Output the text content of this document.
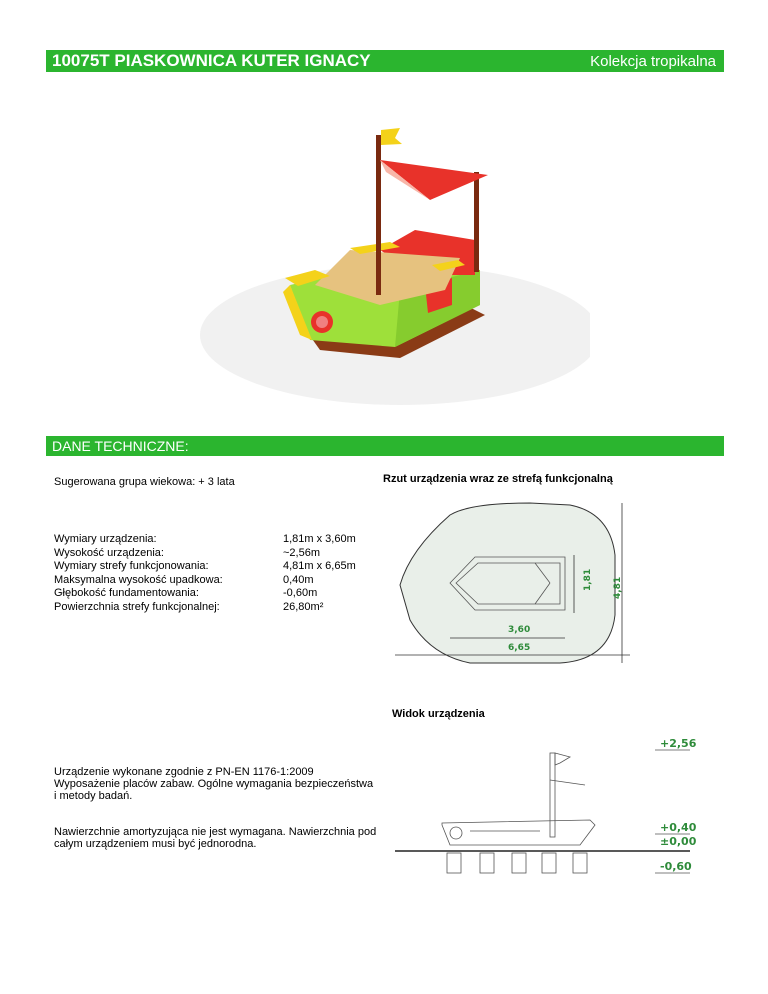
10075T PIASKOWNICA KUTER IGNACY	Kolekcja tropikalna
DANE TECHNICZNE:
Sugerowana grupa wiekowa: + 3 lata
Wymiary urządzenia:
Wysokość urządzenia:
Wymiary strefy funkcjonowania:
Maksymalna wysokość upadkowa:
Głębokość fundamentowania:
Powierzchnia strefy funkcjonalnej:
1,81m x 3,60m
~2,56m
4,81m x 6,65m
0,40m
-0,60m
26,80m²
Urządzenie wykonane zgodnie z PN-EN 1176-1:2009 Wyposażenie placów zabaw. Ogólne wymagania bezpieczeństwa i metody badań.
Nawierzchnie amortyzująca nie jest wymagana. Nawierzchnia pod całym urządzeniem musi być jednorodna.
Rzut urządzenia wraz ze strefą funkcjonalną
1,81 4,81
3,60
6,65
Widok urządzenia
+2,56
+0,40
±0,00
-0,60
